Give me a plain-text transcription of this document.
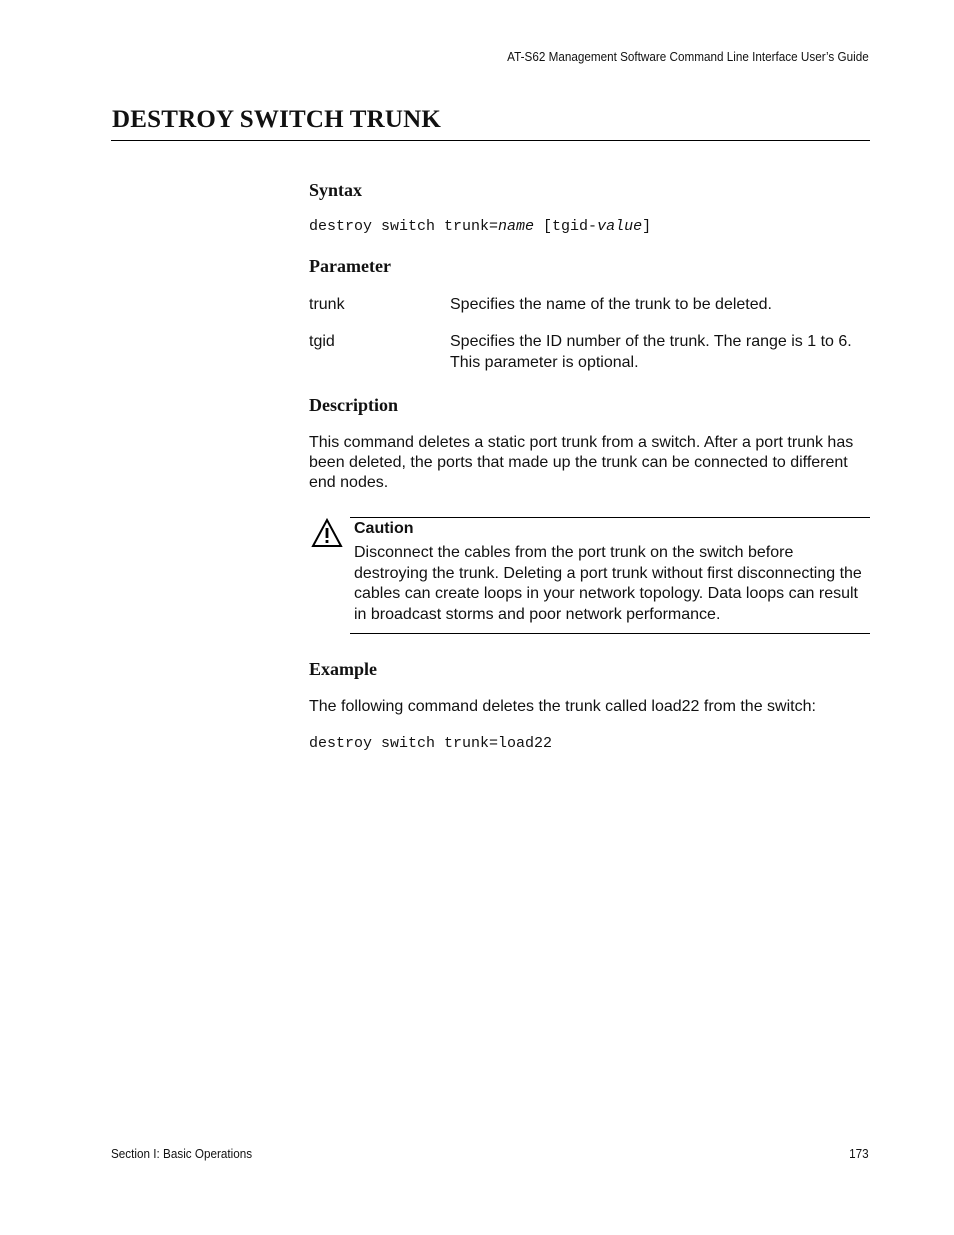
AT-S62 Management Software Command Line Interface User’s Guide
DESTROY SWITCH TRUNK
Syntax
destroy switch trunk=name [tgid-value]
Parameter
trunk	Specifies the name of the trunk to be deleted.
tgid	Specifies the ID number of the trunk. The range is 1 to 6. This parameter is optional.
Description
This command deletes a static port trunk from a switch. After a port trunk has been deleted, the ports that made up the trunk can be connected to different end nodes.
Caution
Disconnect the cables from the port trunk on the switch before destroying the trunk. Deleting a port trunk without first disconnecting the cables can create loops in your network topology. Data loops can result in broadcast storms and poor network performance.
Example
The following command deletes the trunk called load22 from the switch:
destroy switch trunk=load22
Section I: Basic Operations	173
